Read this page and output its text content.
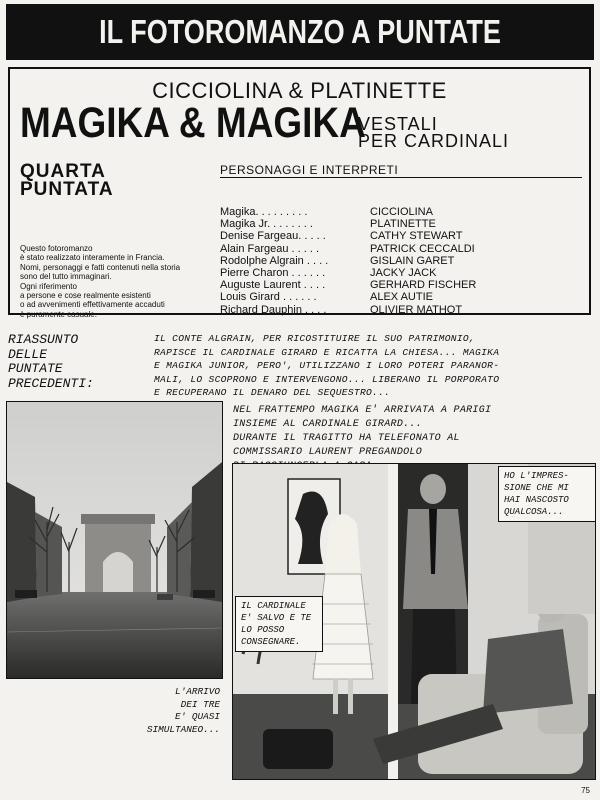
IL FOTOROMANZO A PUNTATE
CICCIOLINA & PLATINETTE
MAGIKA & MAGIKA
VESTALI
PER CARDINALI
QUARTA
PUNTATA
PERSONAGGI E INTERPRETI
Questo fotoromanzo
è stato realizzato interamente in Francia.
Nomi, personaggi e fatti contenuti nella storia
sono del tutto immaginari.
Ogni riferimento
a persone e cose realmente esistenti
o ad avvenimenti effettivamente accaduti
è puramente casuale.
Magika. . . . . . . . .	CICCIOLINA
Magika Jr. . . . . . . .	PLATINETTE
Denise Fargeau. . . . .	CATHY STEWART
Alain Fargeau . . . . .	PATRICK CECCALDI
Rodolphe Algrain . . . .	GISLAIN GARET
Pierre Charon . . . . . .	JACKY JACK
Auguste Laurent . . . .	GERHARD FISCHER
Louis Girard . . . . . .	ALEX AUTIE
Richard Dauphin . . . .	OLIVIER MATHOT
RIASSUNTO
DELLE
PUNTATE
PRECEDENTI:
IL CONTE ALGRAIN, PER RICOSTITUIRE IL SUO PATRIMONIO,
RAPISCE IL CARDINALE GIRARD E RICATTA LA CHIESA... MAGIKA
E MAGIKA JUNIOR, PERO', UTILIZZANO I LORO POTERI PARANOR-
MALI, LO SCOPRONO E INTERVENGONO... LIBERANO IL PORPORATO
E RECUPERANO IL DENARO DEL SEQUESTRO...
NEL FRATTEMPO MAGIKA E' ARRIVATA A PARIGI
INSIEME AL CARDINALE GIRARD...
DURANTE IL TRAGITTO HA TELEFONATO AL
COMMISSARIO LAURENT PREGANDOLO
HO L'IMPRES-
SIONE CHE MI
HAI NASCOSTO
QUALCOSA...
IL CARDINALE
E' SALVO E TE
LO POSSO
CONSEGNARE.
L'ARRIVO
DEI TRE
E' QUASI
SIMULTANEO...
75
